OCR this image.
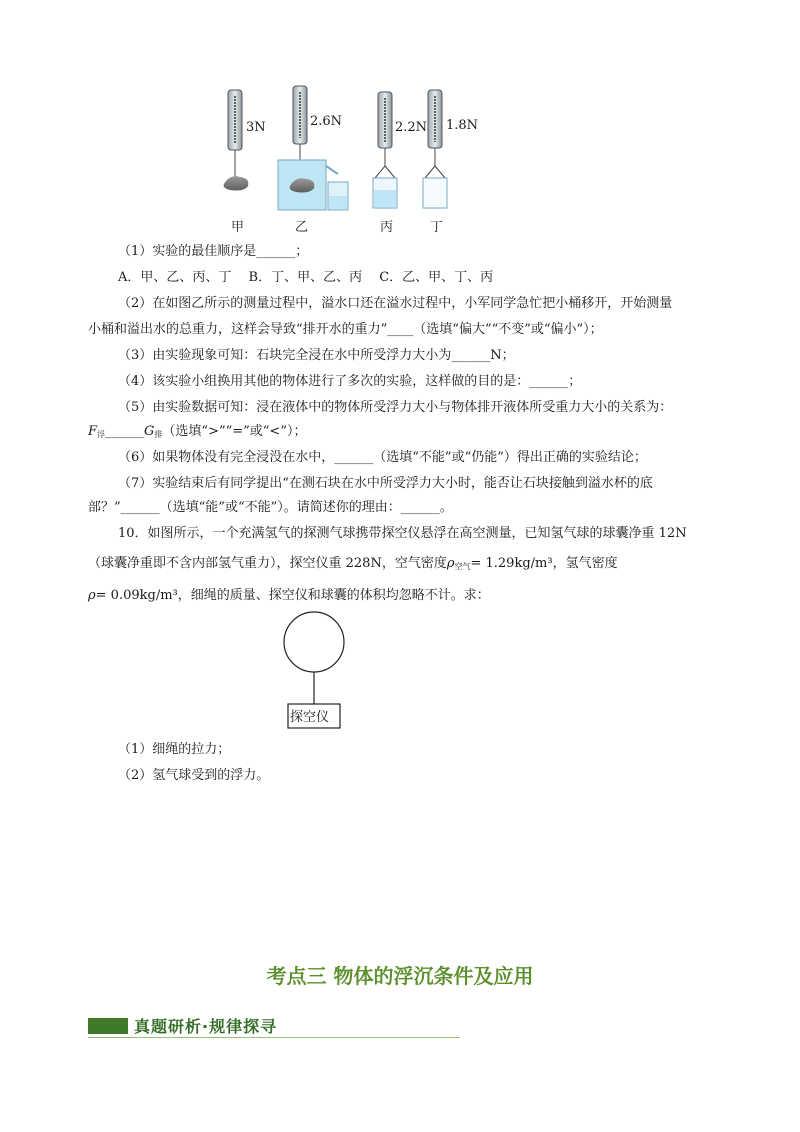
3N	2.6N	2.2N 1.8N
甲	乙	丙	丁
（1）实验的最佳顺序是______；
A．甲、乙、丙、丁　 B．丁、甲、乙、丙　 C．乙、甲、丁、丙
（2）在如图乙所示的测量过程中，溢水口还在溢水过程中，小军同学急忙把小桶移开，开始测量
小桶和溢出水的总重力，这样会导致“排开水的重力”____（选填“偏大”“不变”或“偏小”）；
（3）由实验现象可知：石块完全浸在水中所受浮力大小为______N；
（4）该实验小组换用其他的物体进行了多次的实验，这样做的目的是：______；
（5）由实验数据可知：浸在液体中的物体所受浮力大小与物体排开液体所受重力大小的关系为：
$F_浮\_\_\_\_\_\_G_排$（选填“>”“=”或“<”）；
（6）如果物体没有完全浸没在水中，______（选填“不能”或“仍能”）得出正确的实验结论；
（7）实验结束后有同学提出“在测石块在水中所受浮力大小时，能否让石块接触到溢水杯的底
部？”______（选填“能”或“不能”）。请简述你的理由：______。
10．如图所示，一个充满氢气的探测气球携带探空仪悬浮在高空测量，已知氢气球的球囊净重 12N
（球囊净重即不含内部氢气重力），探空仪重 228N，空气密度$\rho_{空气}= 1.29kg/m^3$，氢气密度
ρ= 0.09kg/m³，细绳的质量、探空仪和球囊的体积均忽略不计。求：
探空仪
（1）细绳的拉力；
（2）氢气球受到的浮力。
考点三 物体的浮沉条件及应用
真题研析·规律探寻
